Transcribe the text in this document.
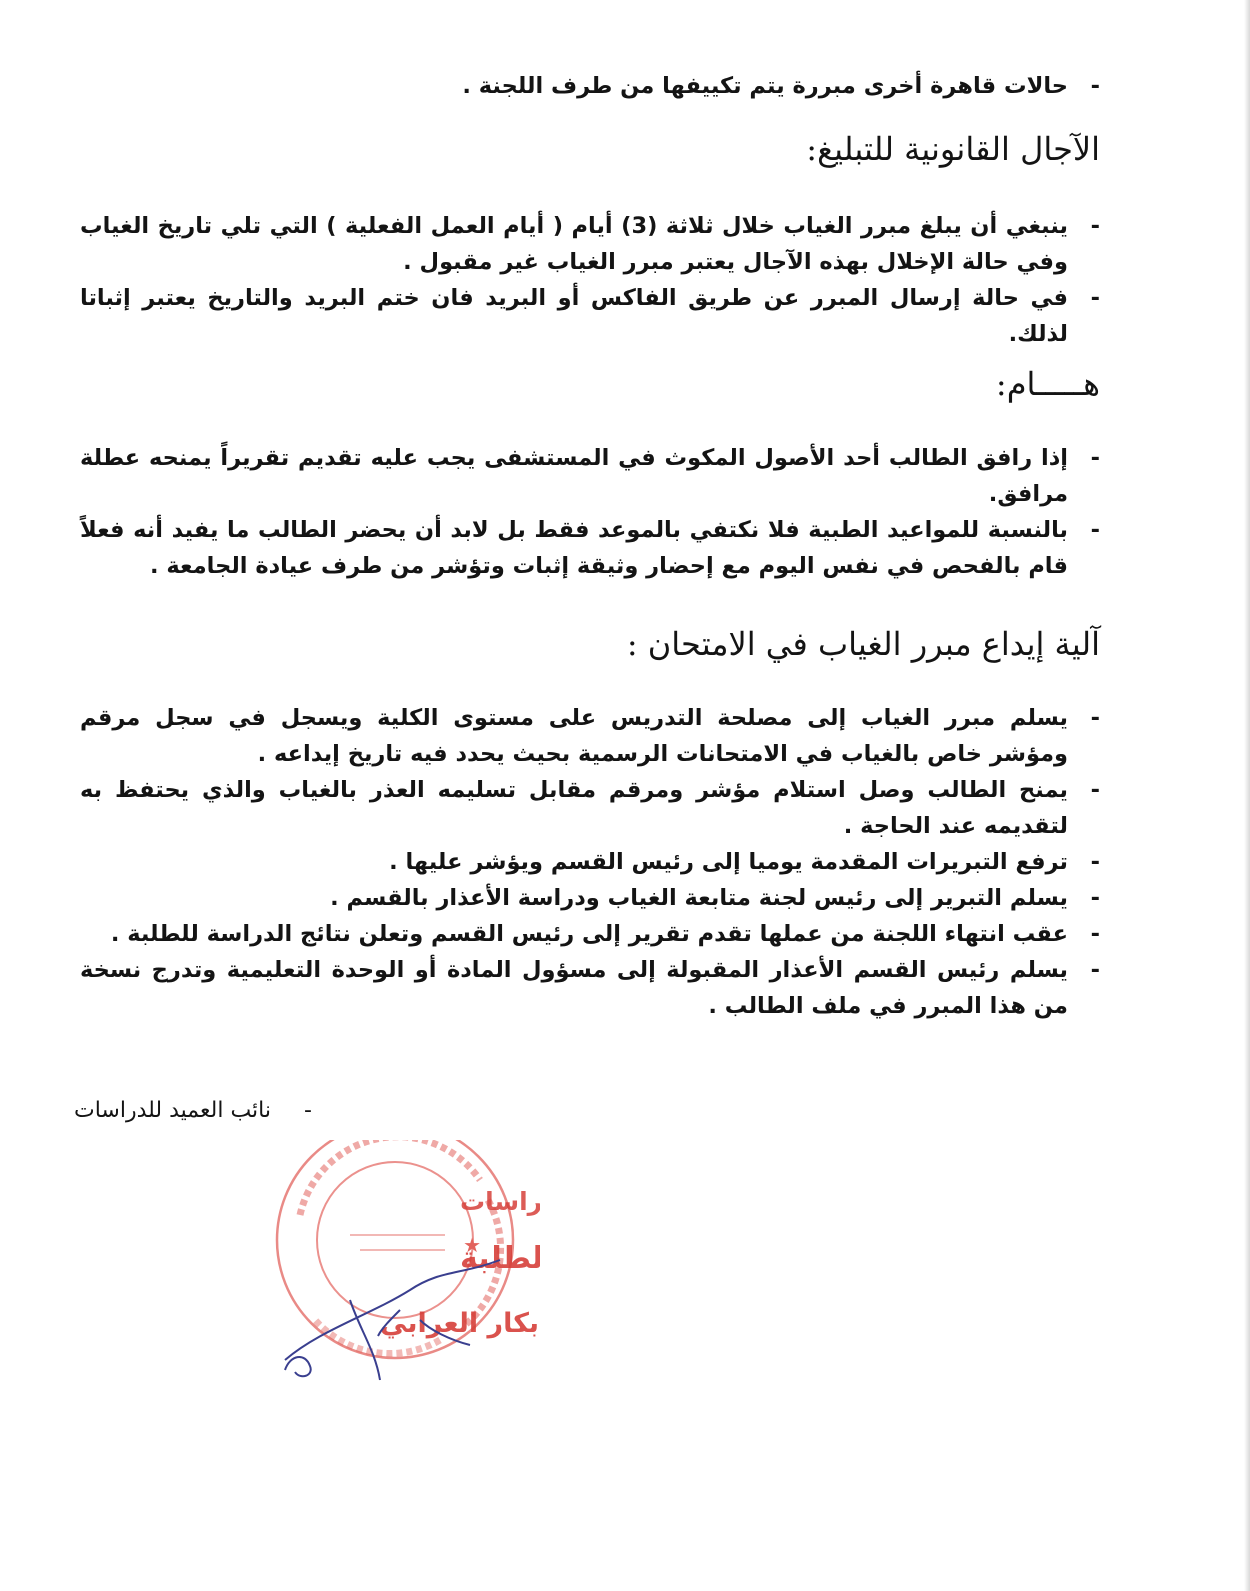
-
حالات قاهرة أخرى مبررة يتم تكييفها من طرف اللجنة .
الآجال القانونية للتبليغ:
-
ينبغي أن يبلغ مبرر الغياب خلال ثلاثة (3) أيام ( أيام العمل الفعلية ) التي تلي تاريخ الغياب وفي حالة الإخلال بهذه الآجال يعتبر مبرر الغياب غير مقبول .
-
في حالة إرسال المبرر عن طريق الفاكس أو البريد فان ختم البريد والتاريخ يعتبر إثباتا لذلك.
هـــــام:
-
إذا رافق الطالب أحد الأصول المكوث في المستشفى يجب عليه تقديم تقريراً يمنحه عطلة مرافق.
-
بالنسبة للمواعيد الطبية فلا نكتفي بالموعد فقط بل لابد أن يحضر الطالب ما يفيد أنه فعلاً قام بالفحص في نفس اليوم مع إحضار وثيقة إثبات وتؤشر من طرف عيادة الجامعة .
آلية إيداع مبرر الغياب في الامتحان :
-
يسلم مبرر الغياب إلى مصلحة التدريس على مستوى الكلية ويسجل في سجل مرقم ومؤشر خاص بالغياب في الامتحانات الرسمية بحيث يحدد فيه تاريخ إيداعه .
-
يمنح الطالب وصل استلام مؤشر ومرقم مقابل تسليمه العذر بالغياب والذي يحتفظ به لتقديمه عند الحاجة .
-
ترفع التبريرات المقدمة يوميا إلى رئيس القسم ويؤشر عليها .
-
يسلم التبرير إلى رئيس لجنة متابعة الغياب ودراسة الأعذار بالقسم .
-
عقب انتهاء اللجنة من عملها تقدم تقرير إلى رئيس القسم وتعلن نتائج الدراسة للطلبة .
-
يسلم رئيس القسم الأعذار المقبولة إلى مسؤول المادة أو الوحدة التعليمية وتدرج نسخة من هذا المبرر في ملف الطالب .
- نائب العميد للدراسات
★
راسات
طلبة
بكار العرابي
